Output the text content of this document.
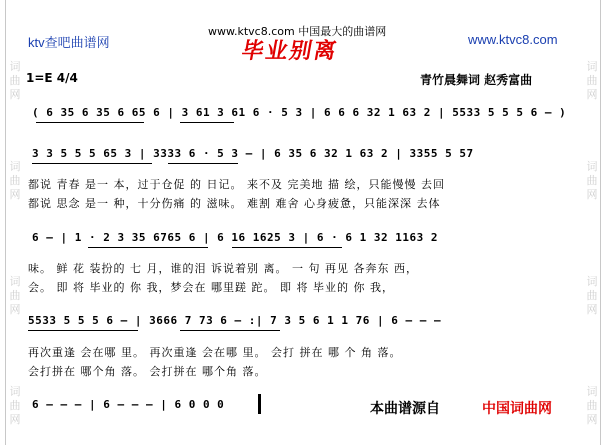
词
曲
网
词
曲
网
词
曲
网
词
曲
网
词
曲
网
词
曲
网
词
曲
网
词
曲
网
ktv查吧曲谱网
www.ktvc8.com 中国最大的曲谱网
毕业别离	www.ktvc8.com
1=E 4/4	青竹晨舞词 赵秀富曲
( 6 35 6 35 6 65 6 | 3 61 3 61 6 · 5 3 | 6 6 6 32 1 63 2 | 5533 5 5 5 6 – )
3 3 5 5 5 65 3 | 3333 6 · 5 3 – | 6 35 6 32 1 63 2 | 3355 5 57
都说 青春 是一 本，过于仓促 的 日记。 来不及 完美地 描 绘，只能慢慢 去回
都说 思念 是一 种，十分伤痛 的 滋味。 难割 难舍 心身疲惫，只能深深 去体
6 – | 1 · 2 3 35 6765 6 | 6 16 1625 3 | 6 · 6 1 32 1163 2
味。 鲜 花 装扮的 七 月，谁的泪 诉说着别 离。 一 句 再见 各奔东 西，
会。 即 将 毕业的 你 我，梦会在 哪里蹉 跎。 即 将 毕业的 你 我，
5533 5 5 5 6 – | 3666 7 73 6 – :| 7 3 5 6 1 1 76 | 6 – – –
再次重逢 会在哪 里。 再次重逢 会在哪 里。 会打 拼在 哪 个 角 落。
会打拼在 哪个角 落。 会打拼在 哪个角 落。
6 – – – | 6 – – – | 6 0 0 0	本曲谱源自	中国词曲网
